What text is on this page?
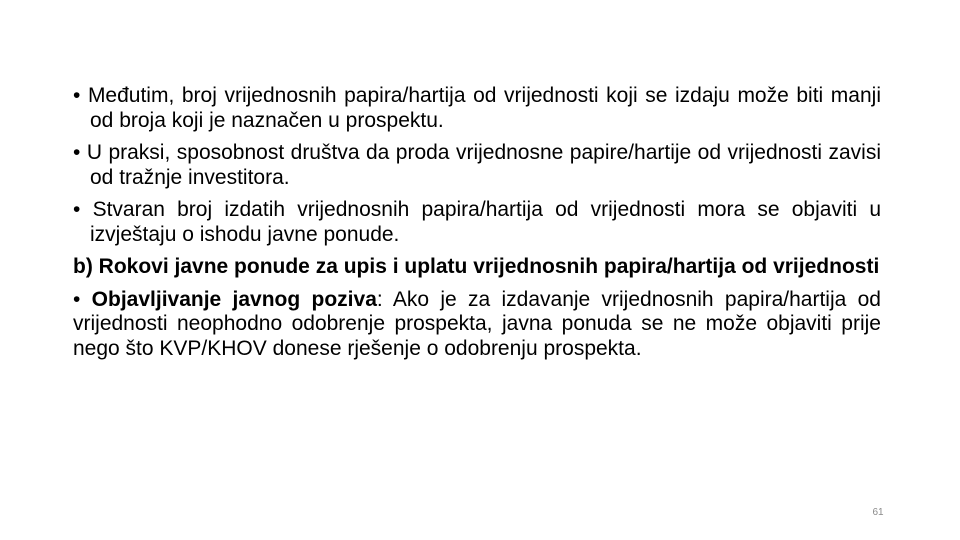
• Međutim, broj vrijednosnih papira/hartija od vrijednosti koji se izdaju može biti manji od broja koji je naznačen u prospektu.

• U praksi, sposobnost društva da proda vrijednosne papire/hartije od vrijednosti zavisi od tražnje investitora.

• Stvaran broj izdatih vrijednosnih papira/hartija od vrijednosti mora se objaviti u izvještaju o ishodu javne ponude.

b) Rokovi javne ponude za upis i uplatu vrijednosnih papira/hartija od vrijednosti

• Objavljivanje javnog poziva: Ako je za izdavanje vrijednosnih papira/hartija od vrijednosti neophodno odobrenje prospekta, javna ponuda se ne može objaviti prije nego što KVP/KHOV donese rješenje o odobrenju prospekta.

61
